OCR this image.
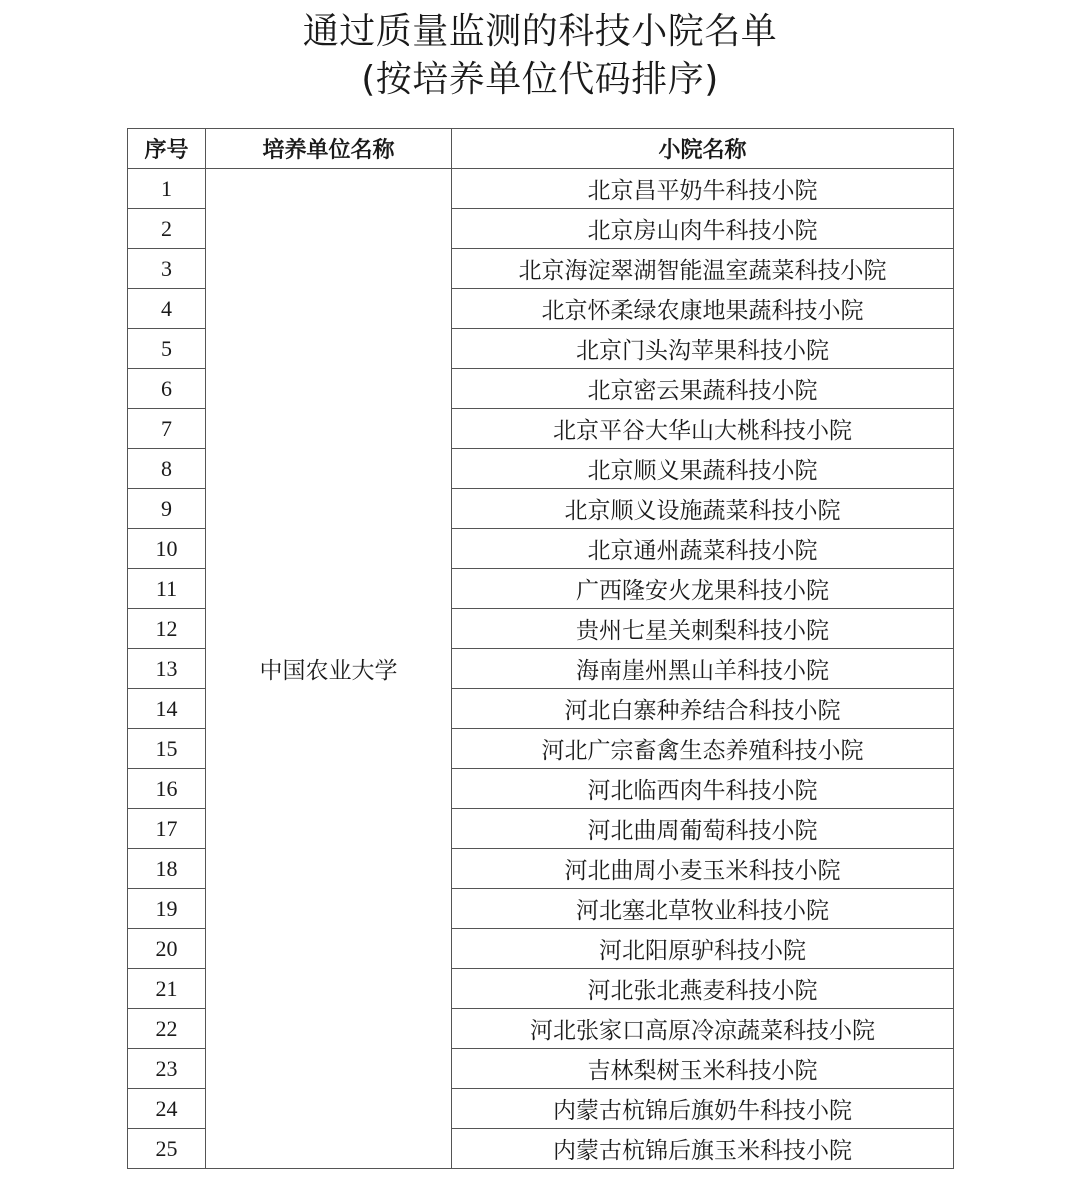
通过质量监测的科技小院名单
(按培养单位代码排序)
序号	培养单位名称	小院名称
1	中国农业大学	北京昌平奶牛科技小院
2		北京房山肉牛科技小院
3		北京海淀翠湖智能温室蔬菜科技小院
4		北京怀柔绿农康地果蔬科技小院
5		北京门头沟苹果科技小院
6		北京密云果蔬科技小院
7		北京平谷大华山大桃科技小院
8		北京顺义果蔬科技小院
9		北京顺义设施蔬菜科技小院
10		北京通州蔬菜科技小院
11		广西隆安火龙果科技小院
12		贵州七星关刺梨科技小院
13		海南崖州黑山羊科技小院
14		河北白寨种养结合科技小院
15		河北广宗畜禽生态养殖科技小院
16		河北临西肉牛科技小院
17		河北曲周葡萄科技小院
18		河北曲周小麦玉米科技小院
19		河北塞北草牧业科技小院
20		河北阳原驴科技小院
21		河北张北燕麦科技小院
22		河北张家口高原冷凉蔬菜科技小院
23		吉林梨树玉米科技小院
24		内蒙古杭锦后旗奶牛科技小院
25		内蒙古杭锦后旗玉米科技小院
